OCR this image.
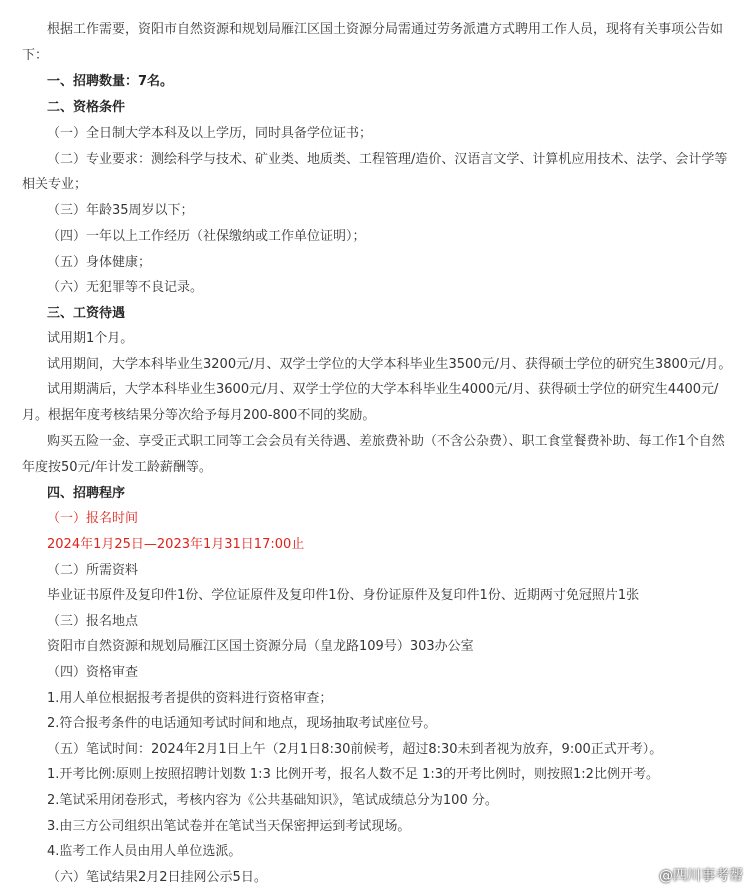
根据工作需要，资阳市自然资源和规划局雁江区国土资源分局需通过劳务派遣方式聘用工作人员，现将有关事项公告如
下：
一、招聘数量：7名。
二、资格条件
（一）全日制大学本科及以上学历，同时具备学位证书；
（二）专业要求：测绘科学与技术、矿业类、地质类、工程管理/造价、汉语言文学、计算机应用技术、法学、会计学等
相关专业；
（三）年龄35周岁以下；
（四）一年以上工作经历（社保缴纳或工作单位证明）；
（五）身体健康；
（六）无犯罪等不良记录。
三、工资待遇
试用期1个月。
试用期间，大学本科毕业生3200元/月、双学士学位的大学本科毕业生3500元/月、获得硕士学位的研究生3800元/月。
试用期满后，大学本科毕业生3600元/月、双学士学位的大学本科毕业生4000元/月、获得硕士学位的研究生4400元/
月。根据年度考核结果分等次给予每月200-800不同的奖励。
购买五险一金、享受正式职工同等工会会员有关待遇、差旅费补助（不含公杂费）、职工食堂餐费补助、每工作1个自然
年度按50元/年计发工龄薪酬等。
四、招聘程序
（一）报名时间
2024年1月25日—2023年1月31日17:00止
（二）所需资料
毕业证书原件及复印件1份、学位证原件及复印件1份、身份证原件及复印件1份、近期两寸免冠照片1张
（三）报名地点
资阳市自然资源和规划局雁江区国土资源分局（皇龙路109号）303办公室
（四）资格审查
1.用人单位根据报考者提供的资料进行资格审查；
2.符合报考条件的电话通知考试时间和地点，现场抽取考试座位号。
（五）笔试时间：2024年2月1日上午（2月1日8:30前候考，超过8:30未到者视为放弃，9:00正式开考）。
1.开考比例:原则上按照招聘计划数 1:3 比例开考，报名人数不足 1:3的开考比例时，则按照1:2比例开考。
2.笔试采用闭卷形式，考核内容为《公共基础知识》，笔试成绩总分为100 分。
3.由三方公司组织出笔试卷并在笔试当天保密押运到考试现场。
4.监考工作人员由用人单位选派。
（六）笔试结果2月2日挂网公示5日。	@四川事考帮
